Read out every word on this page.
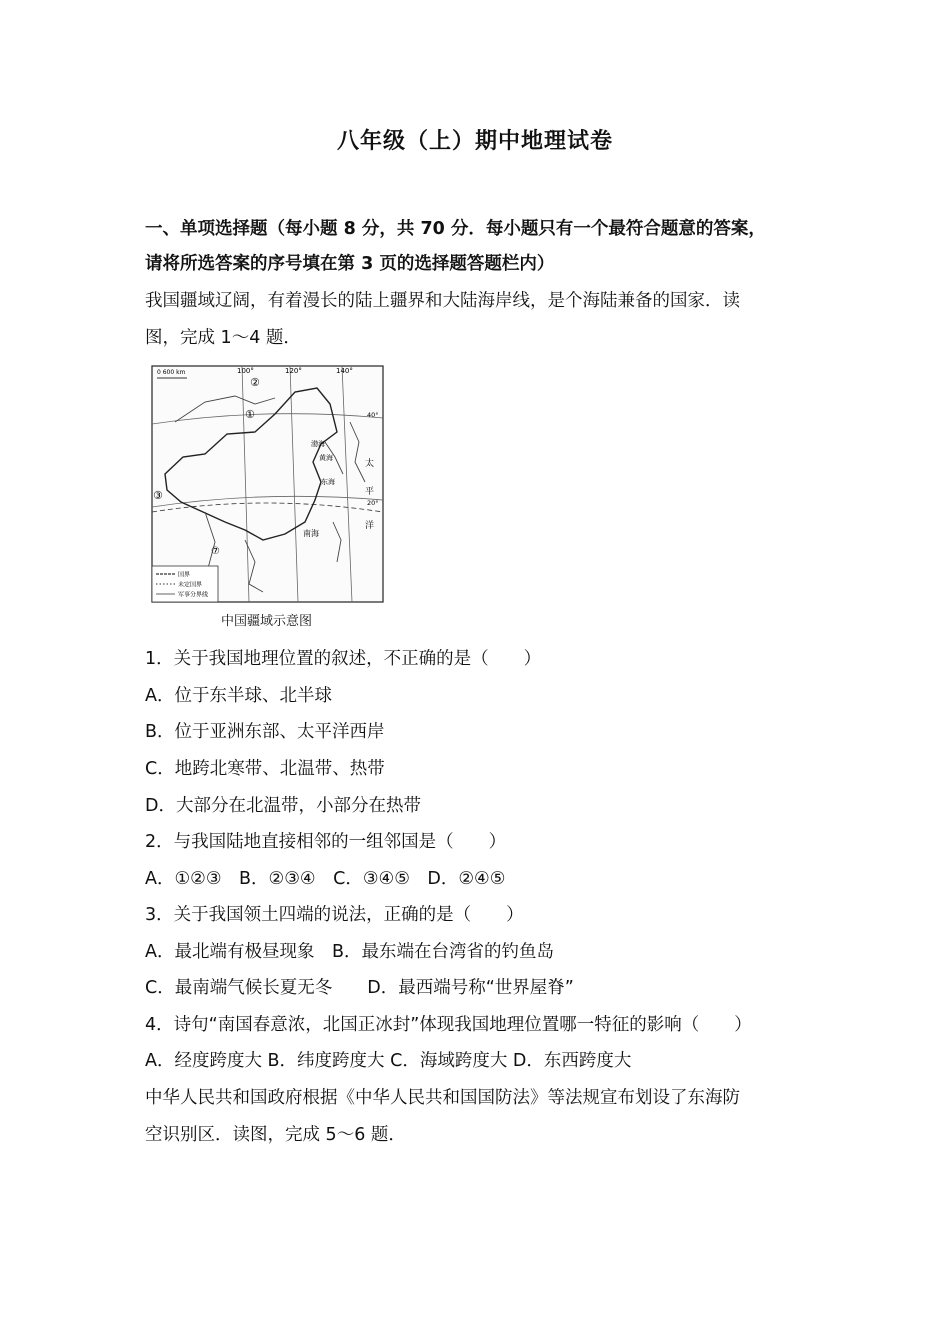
八年级（上）期中地理试卷
一、单项选择题（每小题 8 分，共 70 分．每小题只有一个最符合题意的答案，
请将所选答案的序号填在第 3 页的选择题答题栏内）
我国疆域辽阔，有着漫长的陆上疆界和大陆海岸线，是个海陆兼备的国家．读
图，完成 1～4 题．
0 600 km	100°	120°	140°
40°
20°
②
①
③
⑦
渤海
黄海
东海
南海
太
平
洋
国界
未定国界
军事分界线
中国疆域示意图
1．关于我国地理位置的叙述，不正确的是（　　）
A．位于东半球、北半球
B．位于亚洲东部、太平洋西岸
C．地跨北寒带、北温带、热带
D．大部分在北温带，小部分在热带
2．与我国陆地直接相邻的一组邻国是（　　）
A．①②③　B．②③④　C．③④⑤　D．②④⑤
3．关于我国领土四端的说法，正确的是（　　）
A．最北端有极昼现象　B．最东端在台湾省的钓鱼岛
C．最南端气候长夏无冬　　D．最西端号称“世界屋脊”
4．诗句“南国春意浓，北国正冰封”体现我国地理位置哪一特征的影响（　　）
A．经度跨度大 B．纬度跨度大 C．海域跨度大 D．东西跨度大
中华人民共和国政府根据《中华人民共和国国防法》等法规宣布划设了东海防
空识别区．读图，完成 5～6 题．
